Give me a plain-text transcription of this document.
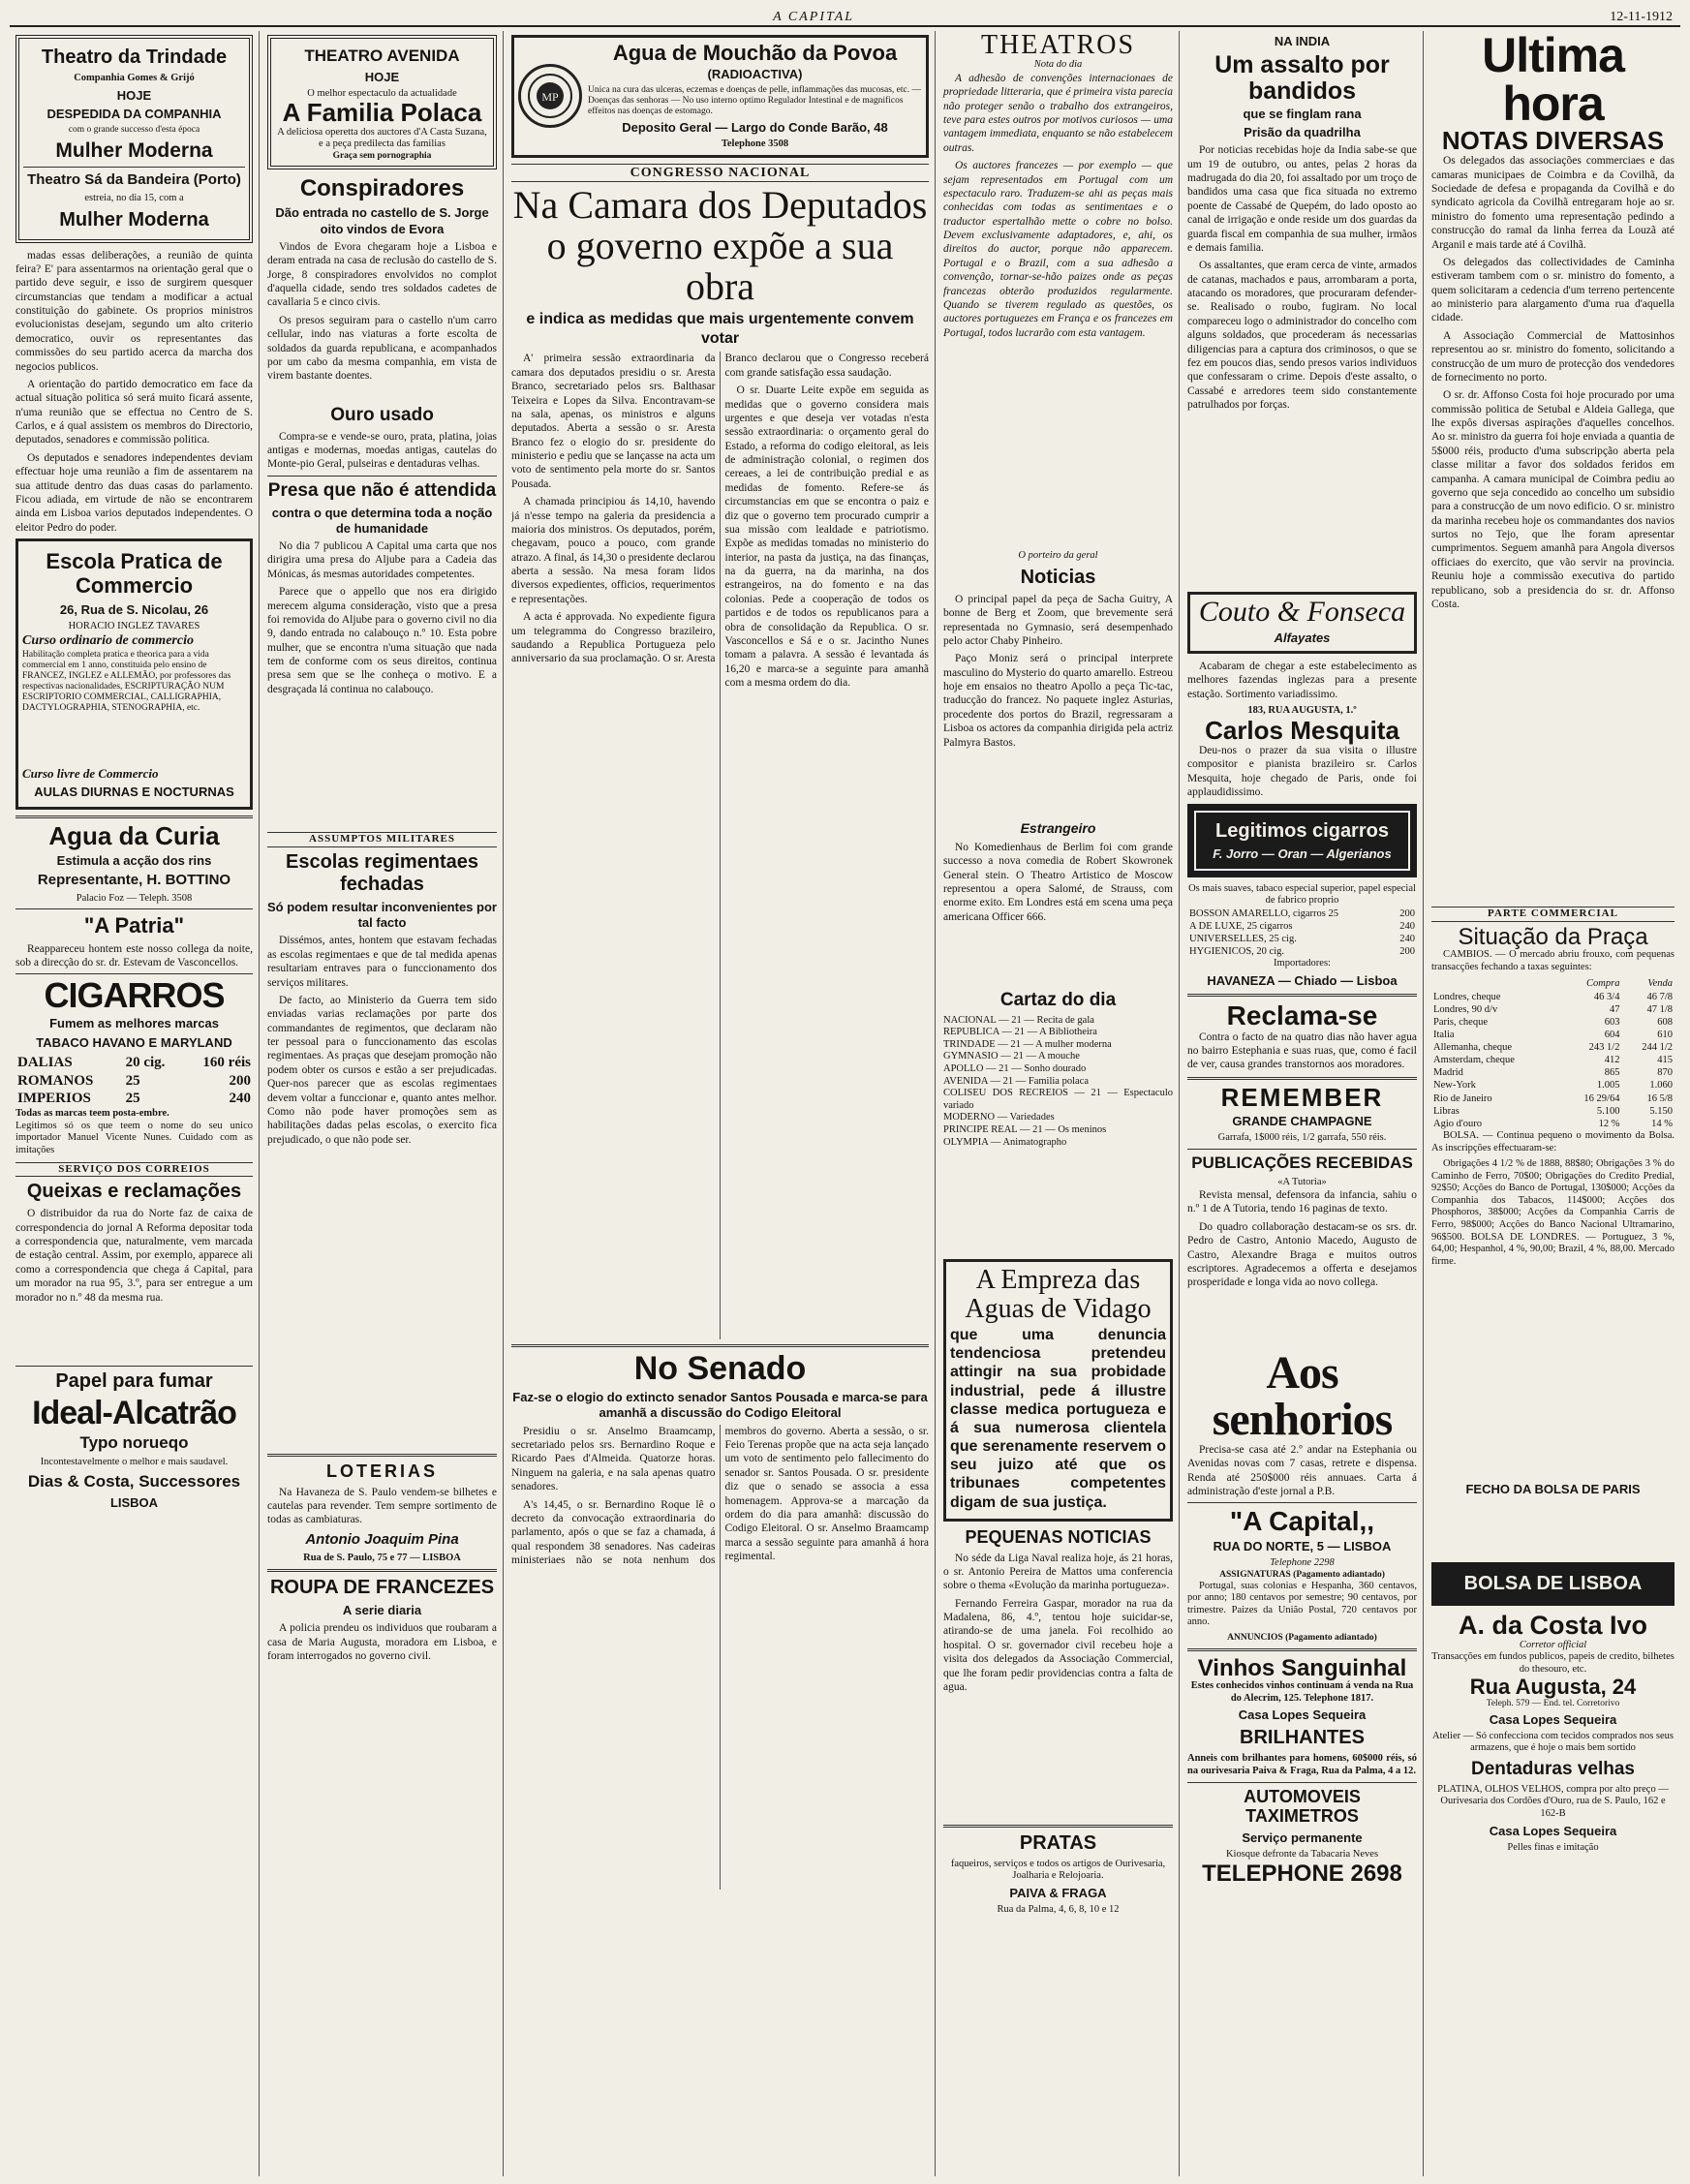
A CAPITAL	12-11-1912
Theatro da Trindade
Companhia Gomes & Grijó
HOJE
DESPEDIDA DA COMPANHIA
com o grande successo d'esta época
Mulher Moderna
Theatro Sá da Bandeira (Porto)
estreia, no dia 15, com a
Mulher Moderna

madas essas deliberações, a reunião de quinta feira? E' para assentarmos na orientação geral que o partido deve seguir, e isso de surgirem quesquer circumstancias que tendam a modificar a actual constituição do gabinete. Os proprios ministros evolucionistas desejam, segundo um alto criterio democratico, ouvir os representantes das commissões do seu partido acerca da marcha dos negocios publicos.

A orientação do partido democratico em face da actual situação politica só será muito ficará assente, n'uma reunião que se effectua no Centro de S. Carlos, e á qual assistem os membros do Directorio, deputados, senadores e commissão politica.

Os deputados e senadores independentes deviam effectuar hoje uma reunião a fim de assentarem na sua attitude dentro das duas casas do parlamento. Ficou adiada, em virtude de não se encontrarem ainda em Lisboa varios deputados independentes. O eleitor Pedro do poder.

Escola Pratica de Commercio
26, Rua de S. Nicolau, 26
HORACIO INGLEZ TAVARES
Curso ordinario de commercio
Habilitação completa pratica e theorica para a vida commercial em 1 anno, constituida pelo ensino de FRANCEZ, INGLEZ e ALLEMÃO, por professores das respectivas nacionalidades, ESCRIPTURAÇÃO NUM ESCRIPTORIO COMMERCIAL, CALLIGRAPHIA, DACTYLOGRAPHIA, STENOGRAPHIA, etc.
Curso livre de Commercio
AULAS DIURNAS E NOCTURNAS
Agua da Curia
Estimula a acção dos rins
Representante, H. BOTTINO
Palacio Foz — Teleph. 3508
"A Patria"

Reappareceu hontem este nosso collega da noite, sob a direcção do sr. dr. Estevam de Vasconcellos.

CIGARROS
Fumem as melhores marcas
TABACO HAVANO E MARYLAND
DALIAS	20 cig.	160 réis
ROMANOS	25	200
IMPERIOS	25	240
Todas as marcas teem posta-embre.
Legitimos só os que teem o nome do seu unico importador Manuel Vicente Nunes. Cuidado com as imitações
SERVIÇO DOS CORREIOS
Queixas e reclamações

O distribuidor da rua do Norte faz de caixa de correspondencia do jornal A Reforma depositar toda a correspondencia que, naturalmente, vem marcada de estação central. Assim, por exemplo, apparece ali como a correspondencia que chega á Capital, para um morador na rua 95, 3.º, para ser entregue a um morador no n.º 48 da mesma rua.

Papel para fumar
Ideal-Alcatrão
Typo norueqo
Incontestavelmente o melhor e mais saudavel.
Dias & Costa, Successores
LISBOA
THEATRO AVENIDA
HOJE
O melhor espectaculo da actualidade
A Familia Polaca
A deliciosa operetta dos auctores d'A Casta Suzana, e a peça predilecta das familias
Graça sem pornographia
Conspiradores
Dão entrada no castello de S. Jorge oito vindos de Evora

Vindos de Evora chegaram hoje a Lisboa e deram entrada na casa de reclusão do castello de S. Jorge, 8 conspiradores envolvidos no complot d'aquella cidade, sendo tres soldados cadetes de cavallaria 5 e cinco civis.

Os presos seguiram para o castello n'um carro cellular, indo nas viaturas a forte escolta de soldados da guarda republicana, e acompanhados por um cabo da mesma companhia, em vista de virem bastante doentes.

Ouro usado

Compra-se e vende-se ouro, prata, platina, joias antigas e modernas, moedas antigas, cautelas do Monte-pio Geral, pulseiras e dentaduras velhas.

Presa que não é attendida
contra o que determina toda a noção de humanidade

No dia 7 publicou A Capital uma carta que nos dirigira uma presa do Aljube para a Cadeia das Mónicas, ás mesmas autoridades competentes.

Parece que o appello que nos era dirigido merecem alguma consideração, visto que a presa foi removida do Aljube para o governo civil no dia 9, dando entrada no calabouço n.º 10. Esta pobre mulher, que se encontra n'uma situação que nada tem de conforme com os seus direitos, continua presa sem que se lhe conheça o motivo. E a desgraçada lá continua no calabouço.

ASSUMPTOS MILITARES
Escolas regimentaes fechadas
Só podem resultar inconvenientes por tal facto

Dissémos, antes, hontem que estavam fechadas as escolas regimentaes e que de tal medida apenas resultariam entraves para o funccionamento dos serviços militares.

De facto, ao Ministerio da Guerra tem sido enviadas varias reclamações por parte dos commandantes de regimentos, que declaram não ter pessoal para o funccionamento das escolas regimentaes. As praças que desejam promoção não podem obter os cursos e estão a ser prejudicadas. Quer-nos parecer que as escolas regimentaes devem voltar a funccionar e, quanto antes melhor. Como não pode haver promoções sem as habilitações dadas pelas escolas, o exercito fica prejudicado, o que não pode ser.

LOTERIAS

Na Havaneza de S. Paulo vendem-se bilhetes e cautelas para revender. Tem sempre sortimento de todas as cambiaturas.

Antonio Joaquim Pina
Rua de S. Paulo, 75 e 77 — LISBOA
ROUPA DE FRANCEZES
A serie diaria

A policia prendeu os individuos que roubaram a casa de Maria Augusta, moradora em Lisboa, e foram interrogados no governo civil.

MP
Agua de Mouchão da Povoa
(RADIOACTIVA)
Unica na cura das ulceras, eczemas e doenças de pelle, inflammações das mucosas, etc. — Doenças das senhoras — No uso interno optimo Regulador Intestinal e de magnificos effeitos nas doenças de estomago.
Deposito Geral — Largo do Conde Barão, 48
Telephone 3508
CONGRESSO NACIONAL
Na Camara dos Deputados
o governo expõe a sua obra
e indica as medidas que mais urgentemente convem votar

A' primeira sessão extraordinaria da camara dos deputados presidiu o sr. Aresta Branco, secretariado pelos srs. Balthasar Teixeira e Lopes da Silva. Encontravam-se na sala, apenas, os ministros e alguns deputados. Aberta a sessão o sr. Aresta Branco fez o elogio do sr. presidente do ministerio e pediu que se lançasse na acta um voto de sentimento pela morte do sr. Santos Pousada.

A chamada principiou ás 14,10, havendo já n'esse tempo na galeria da presidencia a maioria dos ministros. Os deputados, porém, chegavam, pouco a pouco, com grande atrazo. A final, ás 14,30 o presidente declarou aberta a sessão. Na mesa foram lidos diversos expedientes, officios, requerimentos e representações.

A acta é approvada. No expediente figura um telegramma do Congresso brazileiro, saudando a Republica Portugueza pelo anniversario da sua proclamação. O sr. Aresta Branco declarou que o Congresso receberá com grande satisfação essa saudação.

O sr. Duarte Leite expõe em seguida as medidas que o governo considera mais urgentes e que deseja ver votadas n'esta sessão extraordinaria: o orçamento geral do Estado, a reforma do codigo eleitoral, as leis de administração colonial, o regimen dos cereaes, a lei de contribuição predial e as medidas de fomento. Refere-se ás circumstancias em que se encontra o paiz e diz que o governo tem procurado cumprir a sua missão com lealdade e patriotismo. Expõe as medidas tomadas no ministerio do interior, na pasta da justiça, na das finanças, na da guerra, na da marinha, na dos estrangeiros, na do fomento e na das colonias. Pede a cooperação de todos os partidos e de todos os republicanos para a obra de consolidação da Republica. O sr. Vasconcellos e Sá e o sr. Jacintho Nunes tomam a palavra. A sessão é levantada ás 16,20 e marca-se a seguinte para amanhã com a mesma ordem do dia.

No Senado
Faz-se o elogio do extincto senador Santos Pousada e marca-se para amanhã a discussão do Codigo Eleitoral

Presidiu o sr. Anselmo Braamcamp, secretariado pelos srs. Bernardino Roque e Ricardo Paes d'Almeida. Quatorze horas. Ninguem na galeria, e na sala apenas quatro senadores.

A's 14,45, o sr. Bernardino Roque lê o decreto da convocação extraordinaria do parlamento, após o que se faz a chamada, á qual respondem 38 senadores. Nas cadeiras ministeriaes não se nota nenhum dos membros do governo. Aberta a sessão, o sr. Feio Terenas propõe que na acta seja lançado um voto de sentimento pelo fallecimento do senador sr. Santos Pousada. O sr. presidente diz que o senado se associa a essa homenagem. Approva-se a marcação da ordem do dia para amanhã: discussão do Codigo Eleitoral. O sr. Anselmo Braamcamp marca a sessão seguinte para amanhã á hora regimental.

THEATROS
Nota do dia

A adhesão de convenções internacionaes de propriedade litteraria, que é primeira vista parecia não proteger senão o trabalho dos extrangeiros, teve para estes outros por motivos curiosos — uma vantagem immediata, enquanto se não estabelecem outras.

Os auctores francezes — por exemplo — que sejam representados em Portugal com um espectaculo raro. Traduzem-se ahi as peças mais conhecidas com todas as sentimentaes e o traductor espertalhão mette o cobre no bolso. Devem exclusivamente adaptadores, e, ahi, os direitos do auctor, porque não apparecem. Portugal e o Brazil, com a sua adhesão a convenção, tornar-se-hão paizes onde as peças francezas obterão produzidos regularmente. Quando se tiverem regulado as questões, os auctores portuguezes em França e os francezes em Portugal, todos lucrarão com esta vantagem.

O porteiro da geral
Noticias

O principal papel da peça de Sacha Guitry, A bonne de Berg et Zoom, que brevemente será representada no Gymnasio, será desempenhado pelo actor Chaby Pinheiro.

Paço Moniz será o principal interprete masculino do Mysterio do quarto amarello. Estreou hoje em ensaios no theatro Apollo a peça Tic-tac, traducção do francez. No paquete inglez Asturias, procedente dos portos do Brazil, regressaram a Lisboa os actores da companhia dirigida pela actriz Palmyra Bastos.

Estrangeiro

No Komedienhaus de Berlim foi com grande successo a nova comedia de Robert Skowronek General stein. O Theatro Artistico de Moscow representou a opera Salomé, de Strauss, com enorme exito. Em Londres está em scena uma peça americana Officer 666.

Cartaz do dia
NACIONAL — 21 — Recita de gala
REPUBLICA — 21 — A Bibliotheira
TRINDADE — 21 — A mulher moderna
GYMNASIO — 21 — A mouche
APOLLO — 21 — Sonho dourado
AVENIDA — 21 — Familia polaca
COLISEU DOS RECREIOS — 21 — Espectaculo variado
MODERNO — Variedades
PRINCIPE REAL — 21 — Os meninos
OLYMPIA — Animatographo
A Empreza das Aguas de Vidago
que uma denuncia tendenciosa pretendeu attingir na sua probidade industrial, pede á illustre classe medica portugueza e á sua numerosa clientela que serenamente reservem o seu juizo até que os tribunaes competentes digam de sua justiça.
PEQUENAS NOTICIAS

No séde da Liga Naval realiza hoje, ás 21 horas, o sr. Antonio Pereira de Mattos uma conferencia sobre o thema «Evolução da marinha portugueza».

Fernando Ferreira Gaspar, morador na rua da Madalena, 86, 4.º, tentou hoje suicidar-se, atirando-se de uma janela. Foi recolhido ao hospital. O sr. governador civil recebeu hoje a visita dos delegados da Associação Commercial, que lhe foram pedir providencias contra a falta de agua.

PRATAS
faqueiros, serviços e todos os artigos de Ourivesaria, Joalharia e Relojoaria.
PAIVA & FRAGA
Rua da Palma, 4, 6, 8, 10 e 12
NA INDIA
Um assalto por bandidos
que se finglam rana
Prisão da quadrilha

Por noticias recebidas hoje da India sabe-se que um 19 de outubro, ou antes, pelas 2 horas da madrugada do dia 20, foi assaltado por um troço de bandidos uma casa que fica situada no extremo poente de Cassabé de Quepém, do lado oposto ao canal de irrigação e onde reside um dos guardas da guarda fiscal em companhia de sua mulher, irmãos e demais familia.

Os assaltantes, que eram cerca de vinte, armados de catanas, machados e paus, arrombaram a porta, atacando os moradores, que procuraram defender-se. Realisado o roubo, fugiram. No local compareceu logo o administrador do concelho com alguns soldados, que procederam ás necessarias diligencias para a captura dos criminosos, o que se fez em poucos dias, sendo presos varios individuos que confessaram o crime. Depois d'este assalto, o Cassabé e arredores teem sido constantemente patrulhados por forças.

Couto & Fonseca
Alfayates

Acabaram de chegar a este estabelecimento as melhores fazendas inglezas para a presente estação. Sortimento variadissimo.

183, RUA AUGUSTA, 1.º
Carlos Mesquita

Deu-nos o prazer da sua visita o illustre compositor e pianista brazileiro sr. Carlos Mesquita, hoje chegado de Paris, onde foi applaudidissimo.

Legitimos cigarros
F. Jorro — Oran — Algerianos
Os mais suaves, tabaco especial superior, papel especial de fabrico proprio
BOSSON AMARELLO, cigarros 25	200
A DE LUXE, 25 cigarros	240
UNIVERSELLES, 25 cig.	240
HYGIENICOS, 20 cig.	200
Importadores:
HAVANEZA — Chiado — Lisboa
Reclama-se

Contra o facto de na quatro dias não haver agua no bairro Estephania e suas ruas, que, como é facil de ver, causa grandes transtornos aos moradores.

REMEMBER
GRANDE CHAMPAGNE
Garrafa, 1$000 réis, 1/2 garrafa, 550 réis.
PUBLICAÇÕES RECEBIDAS
«A Tutoria»

Revista mensal, defensora da infancia, sahiu o n.º 1 de A Tutoria, tendo 16 paginas de texto.

Do quadro collaboração destacam-se os srs. dr. Pedro de Castro, Antonio Macedo, Augusto de Castro, Alexandre Braga e muitos outros escriptores. Agradecemos a offerta e desejamos prosperidade e longa vida ao novo collega.

Aos senhorios

Precisa-se casa até 2.º andar na Estephania ou Avenidas novas com 7 casas, retrete e dispensa. Renda até 250$000 réis annuaes. Carta á administração d'este jornal a P.B.

"A Capital,,
RUA DO NORTE, 5 — LISBOA
Telephone 2298
ASSIGNATURAS (Pagamento adiantado)

Portugal, suas colonias e Hespanha, 360 centavos, por anno; 180 centavos por semestre; 90 centavos, por trimestre. Paizes da União Postal, 720 centavos por anno.

ANNUNCIOS (Pagamento adiantado)
Vinhos Sanguinhal
Estes conhecidos vinhos continuam á venda na Rua do Alecrim, 125. Telephone 1817.
Casa Lopes Sequeira
BRILHANTES
Anneis com brilhantes para homens, 60$000 réis, só na ourivesaria Paiva & Fraga, Rua da Palma, 4 a 12.
AUTOMOVEIS TAXIMETROS
Serviço permanente
Kiosque defronte da Tabacaria Neves
TELEPHONE 2698
Ultima hora
NOTAS DIVERSAS

Os delegados das associações commerciaes e das camaras municipaes de Coimbra e da Covilhã, da Sociedade de defesa e propaganda da Covilhã e do syndicato agricola da Covilhã entregaram hoje ao sr. ministro do fomento uma representação pedindo a construcção do ramal da linha ferrea da Louzã até Arganil e mais tarde até á Covilhã.

Os delegados das collectividades de Caminha estiveram tambem com o sr. ministro do fomento, a quem solicitaram a cedencia d'um terreno pertencente ao ministerio para alargamento d'uma rua d'aquella cidade.

A Associação Commercial de Mattosinhos representou ao sr. ministro do fomento, solicitando a construcção de um muro de protecção dos vendedores de fornecimento no porto.

O sr. dr. Affonso Costa foi hoje procurado por uma commissão politica de Setubal e Aldeia Gallega, que lhe expôs diversas aspirações d'aquelles concelhos. Ao sr. ministro da guerra foi hoje enviada a quantia de 5$000 réis, producto d'uma subscripção aberta pela classe militar a favor dos soldados feridos em campanha. A camara municipal de Coimbra pediu ao governo que seja concedido ao concelho um subsidio para a construcção de um novo edificio. O sr. ministro da marinha recebeu hoje os commandantes dos navios surtos no Tejo, que lhe foram apresentar cumprimentos. Seguem amanhã para Angola diversos officiaes do exercito, que vão servir na provincia. Reuniu hoje a commissão executiva do partido republicano, sob a presidencia do sr. dr. Affonso Costa.

PARTE COMMERCIAL
Situação da Praça

CAMBIOS. — O mercado abriu frouxo, com pequenas transacções fechando a taxas seguintes:

	Compra	Venda
Londres, cheque	46 3/4	46 7/8
Londres, 90 d/v	47	47 1/8
Paris, cheque	603	608
Italia	604	610
Allemanha, cheque	243 1/2	244 1/2
Amsterdam, cheque	412	415
Madrid	865	870
New-York	1.005	1.060
Rio de Janeiro	16 29/64	16 5/8
Libras	5.100	5.150
Agio d'ouro	12 %	14 %

BOLSA. — Continua pequeno o movimento da Bolsa. As inscripções effectuaram-se:

Obrigações 4 1/2 % de 1888, 88$80; Obrigações 3 % do Caminho de Ferro, 70$00; Obrigações do Credito Predial, 92$50; Acções do Banco de Portugal, 130$000; Acções da Companhia dos Tabacos, 114$000; Acções dos Phosphoros, 38$000; Acções da Companhia Carris de Ferro, 98$000; Acções do Banco Nacional Ultramarino, 96$500. BOLSA DE LONDRES. — Portuguez, 3 %, 64,00; Hespanhol, 4 %, 90,00; Brazil, 4 %, 88,00. Mercado firme.

FECHO DA BOLSA DE PARIS
BOLSA DE LISBOA
A. da Costa Ivo
Corretor official
Transacções em fundos publicos, papeis de credito, bilhetes do thesouro, etc.
Rua Augusta, 24
Teleph. 579 — End. tel. Corretorivo
Casa Lopes Sequeira
Atelier — Só confecciona com tecidos comprados nos seus armazens, que é hoje o mais bem sortido
Dentaduras velhas
PLATINA, OLHOS VELHOS, compra por alto preço — Ourivesaria dos Cordões d'Ouro, rua de S. Paulo, 162 e 162-B
Casa Lopes Sequeira
Pelles finas e imitação
